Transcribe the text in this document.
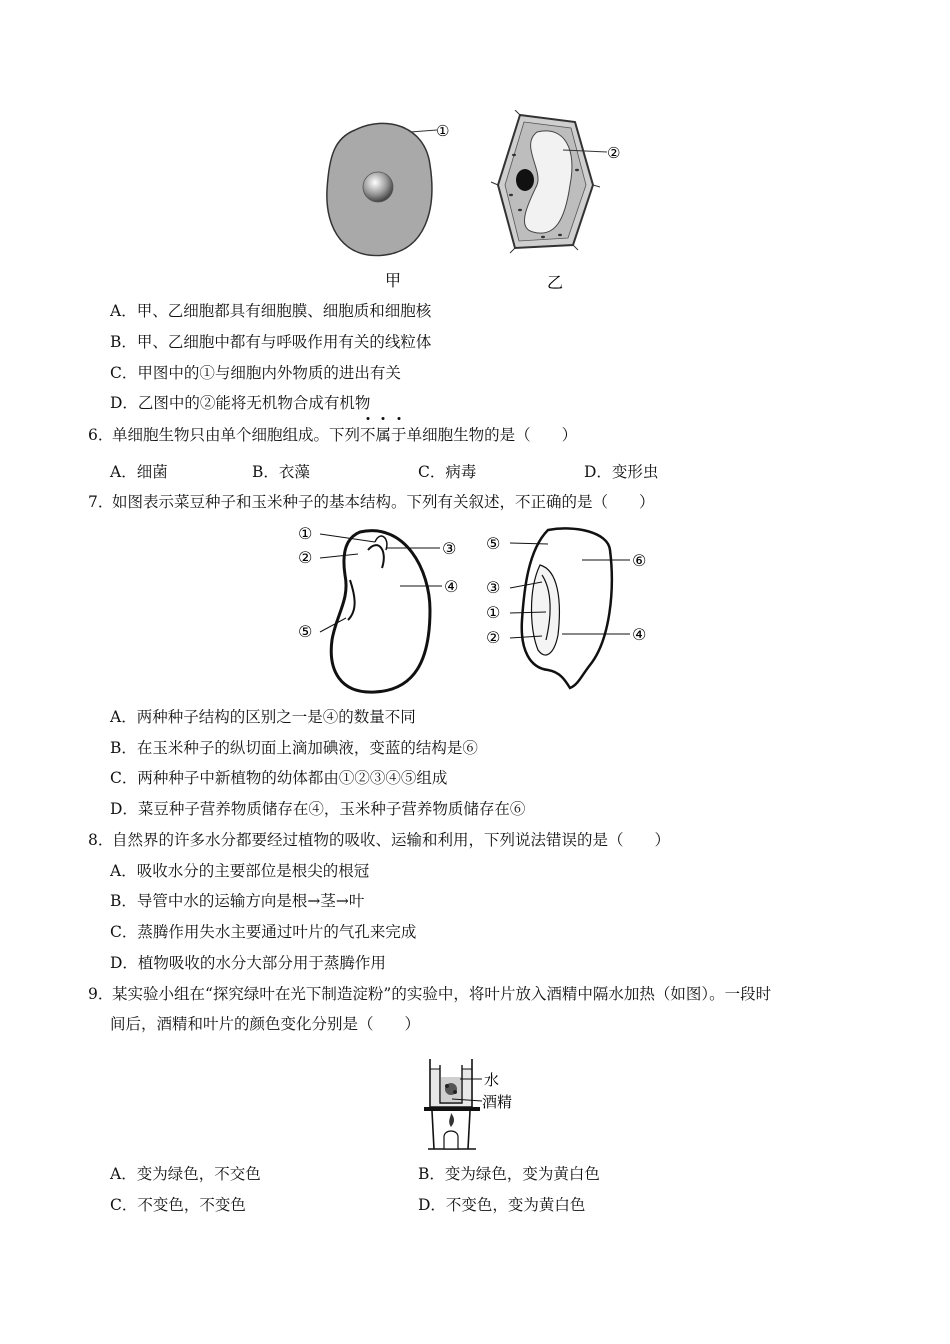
①
②
甲	乙
A．甲、乙细胞都具有细胞膜、细胞质和细胞核
B．甲、乙细胞中都有与呼吸作用有关的线粒体
C．甲图中的①与细胞内外物质的进出有关
D．乙图中的②能将无机物合成有机物
6．单细胞生物只由单个细胞组成。下列不属于单细胞生物的是（　　）
A．细菌	B．衣藻	C．病毒	D．变形虫
7．如图表示菜豆种子和玉米种子的基本结构。下列有关叙述，不正确的是（　　）
①
②	③
④
⑤
⑤
⑥
③
①
②	④
A．两种种子结构的区别之一是④的数量不同
B．在玉米种子的纵切面上滴加碘液，变蓝的结构是⑥
C．两种种子中新植物的幼体都由①②③④⑤组成
D．菜豆种子营养物质储存在④，玉米种子营养物质储存在⑥
8．自然界的许多水分都要经过植物的吸收、运输和利用，下列说法错误的是（　　）
A．吸收水分的主要部位是根尖的根冠
B．导管中水的运输方向是根→茎→叶
C．蒸腾作用失水主要通过叶片的气孔来完成
D．植物吸收的水分大部分用于蒸腾作用
9．某实验小组在“探究绿叶在光下制造淀粉”的实验中，将叶片放入酒精中隔水加热（如图）。一段时
间后，酒精和叶片的颜色变化分别是（　　）
水
酒精
A．变为绿色，不交色	B．变为绿色，变为黄白色
C．不变色，不变色	D．不变色，变为黄白色
